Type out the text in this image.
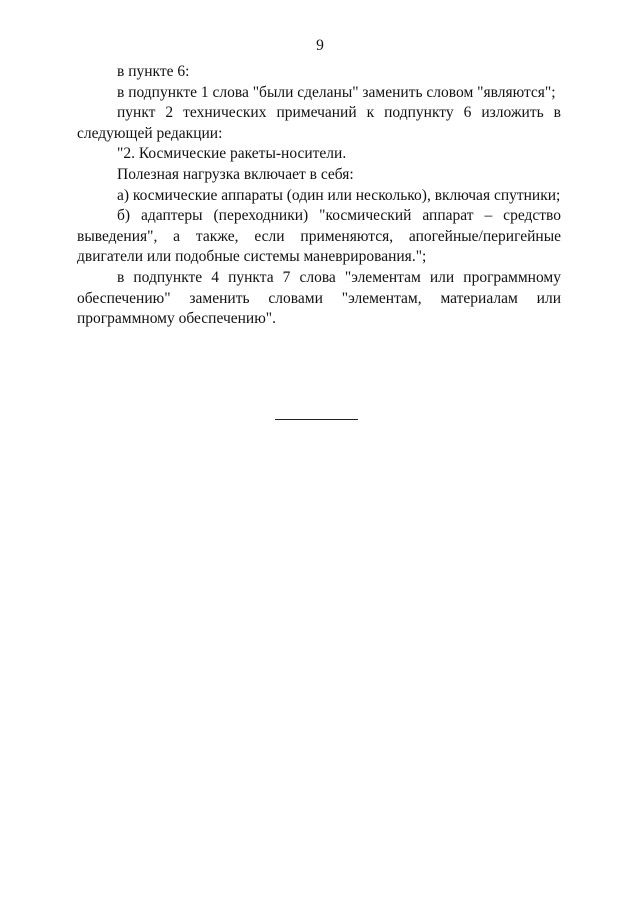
9

в пункте 6:

в подпункте 1 слова "были сделаны" заменить словом "являются";

пункт 2 технических примечаний к подпункту 6 изложить в следующей редакции:

"2. Космические ракеты-носители.

Полезная нагрузка включает в себя:

а) космические аппараты (один или несколько), включая спутники;

б) адаптеры (переходники) "космический аппарат – средство выведения", а также, если применяются, апогейные/перигейные двигатели или подобные системы маневрирования.";

в подпункте 4 пункта 7 слова "элементам или программному обеспечению" заменить словами "элементам, материалам или программному обеспечению".
